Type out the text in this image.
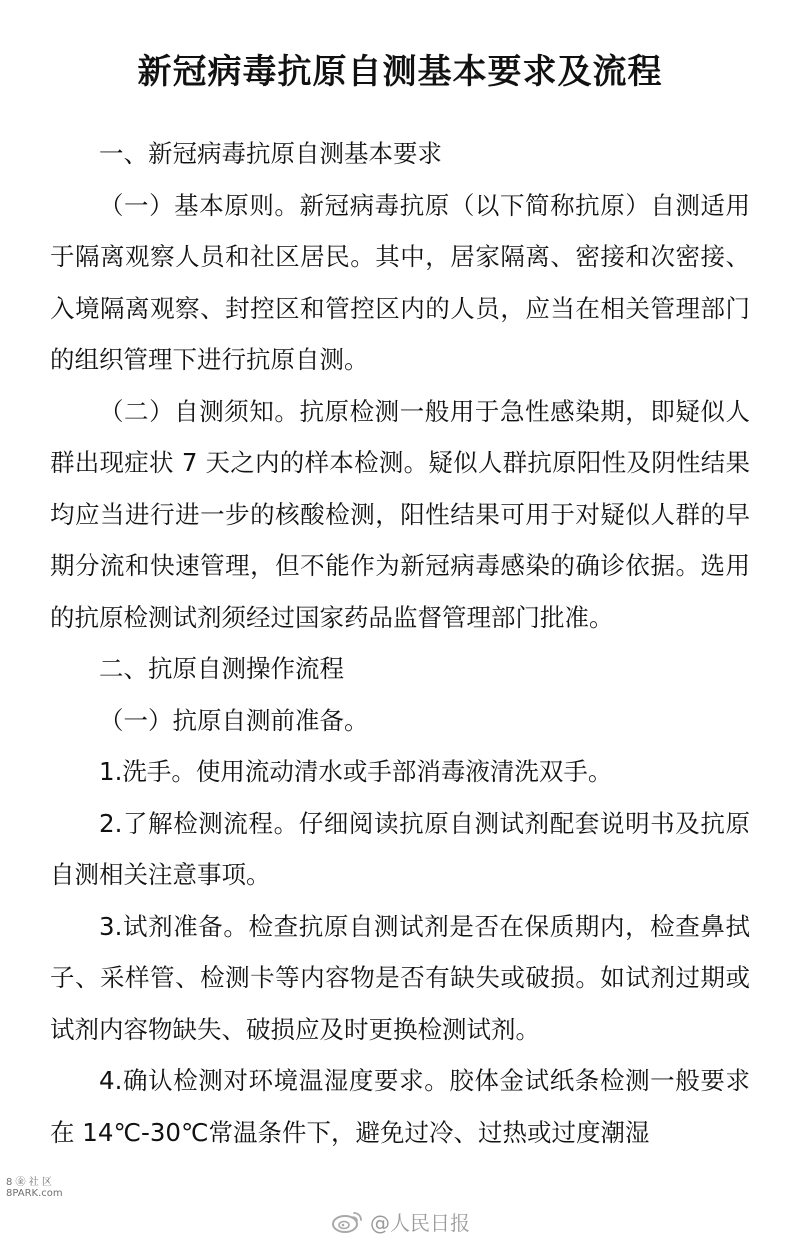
新冠病毒抗原自测基本要求及流程

一、新冠病毒抗原自测基本要求

（一）基本原则。新冠病毒抗原（以下简称抗原）自测适用于隔离观察人员和社区居民。其中，居家隔离、密接和次密接、入境隔离观察、封控区和管控区内的人员，应当在相关管理部门的组织管理下进行抗原自测。

（二）自测须知。抗原检测一般用于急性感染期，即疑似人群出现症状 7 天之内的样本检测。疑似人群抗原阳性及阴性结果均应当进行进一步的核酸检测，阳性结果可用于对疑似人群的早期分流和快速管理，但不能作为新冠病毒感染的确诊依据。选用的抗原检测试剂须经过国家药品监督管理部门批准。

二、抗原自测操作流程

（一）抗原自测前准备。

1.洗手。使用流动清水或手部消毒液清洗双手。

2.了解检测流程。仔细阅读抗原自测试剂配套说明书及抗原自测相关注意事项。

3.试剂准备。检查抗原自测试剂是否在保质期内，检查鼻拭子、采样管、检测卡等内容物是否有缺失或破损。如试剂过期或试剂内容物缺失、破损应及时更换检测试剂。

4.确认检测对环境温湿度要求。胶体金试纸条检测一般要求在 14℃-30℃常温条件下，避免过冷、过热或过度潮湿

8 ㊎ 社 区
8PARK.com
@人民日报
